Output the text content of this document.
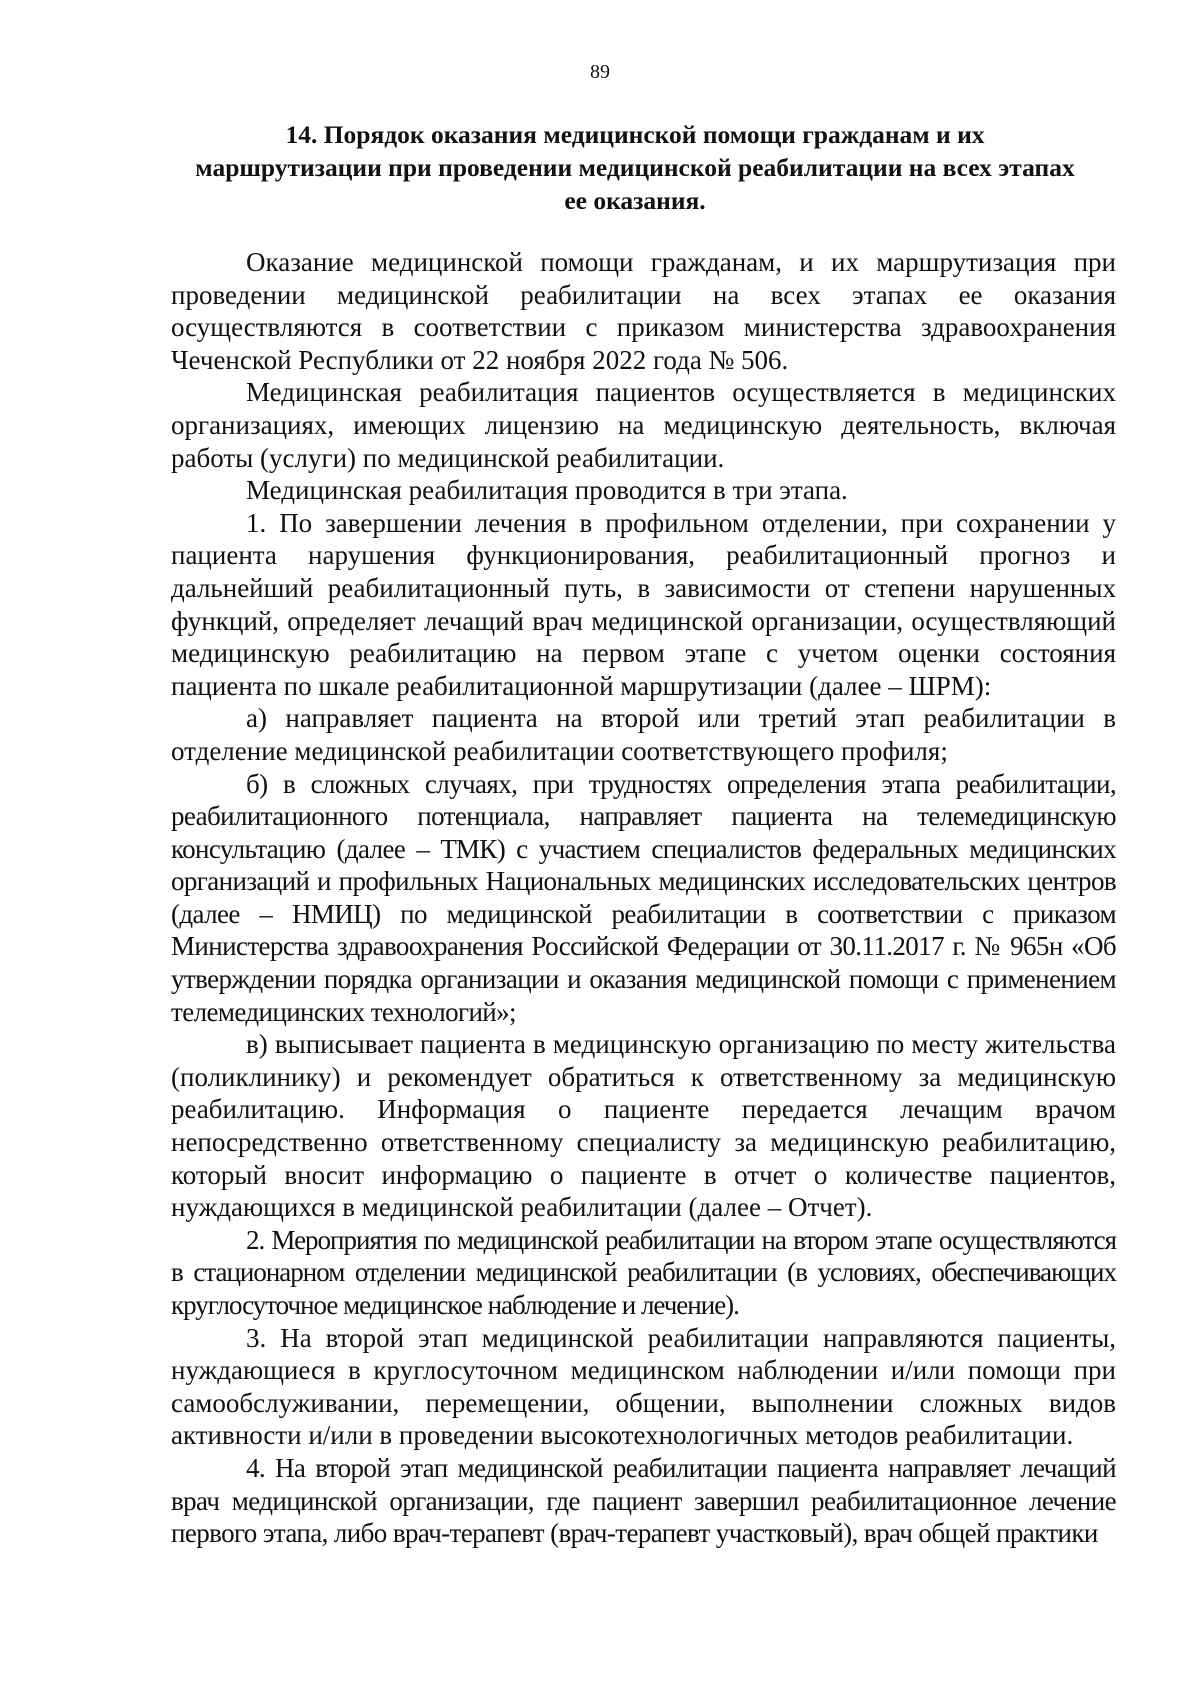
89
14. Порядок оказания медицинской помощи гражданам и их маршрутизации при проведении медицинской реабилитации на всех этапах ее оказания.

Оказание медицинской помощи гражданам, и их маршрутизация при проведении медицинской реабилитации на всех этапах ее оказания осуществляются в соответствии с приказом министерства здравоохранения Чеченской Республики от 22 ноября 2022 года № 506.

Медицинская реабилитация пациентов осуществляется в медицинских организациях, имеющих лицензию на медицинскую деятельность, включая работы (услуги) по медицинской реабилитации.

Медицинская реабилитация проводится в три этапа.

1. По завершении лечения в профильном отделении, при сохранении у пациента нарушения функционирования, реабилитационный прогноз и дальнейший реабилитационный путь, в зависимости от степени нарушенных функций, определяет лечащий врач медицинской организации, осуществляющий медицинскую реабилитацию на первом этапе с учетом оценки состояния пациента по шкале реабилитационной маршрутизации (далее – ШРМ):

а) направляет пациента на второй или третий этап реабилитации в отделение медицинской реабилитации соответствующего профиля;

б) в сложных случаях, при трудностях определения этапа реабилитации, реабилитационного потенциала, направляет пациента на телемедицинскую консультацию (далее – ТМК) с участием специалистов федеральных медицинских организаций и профильных Национальных медицинских исследовательских центров (далее – НМИЦ) по медицинской реабилитации в соответствии с приказом Министерства здравоохранения Российской Федерации от 30.11.2017 г. № 965н «Об утверждении порядка организации и оказания медицинской помощи с применением телемедицинских технологий»;

в) выписывает пациента в медицинскую организацию по месту жительства (поликлинику) и рекомендует обратиться к ответственному за медицинскую реабилитацию. Информация о пациенте передается лечащим врачом непосредственно ответственному специалисту за медицинскую реабилитацию, который вносит информацию о пациенте в отчет о количестве пациентов, нуждающихся в медицинской реабилитации (далее – Отчет).

2. Мероприятия по медицинской реабилитации на втором этапе осуществляются в стационарном отделении медицинской реабилитации (в условиях, обеспечивающих круглосуточное медицинское наблюдение и лечение).

3. На второй этап медицинской реабилитации направляются пациенты, нуждающиеся в круглосуточном медицинском наблюдении и/или помощи при самообслуживании, перемещении, общении, выполнении сложных видов активности и/или в проведении высокотехнологичных методов реабилитации.

4. На второй этап медицинской реабилитации пациента направляет лечащий врач медицинской организации, где пациент завершил реабилитационное лечение первого этапа, либо врач-терапевт (врач-терапевт участковый), врач общей практики
